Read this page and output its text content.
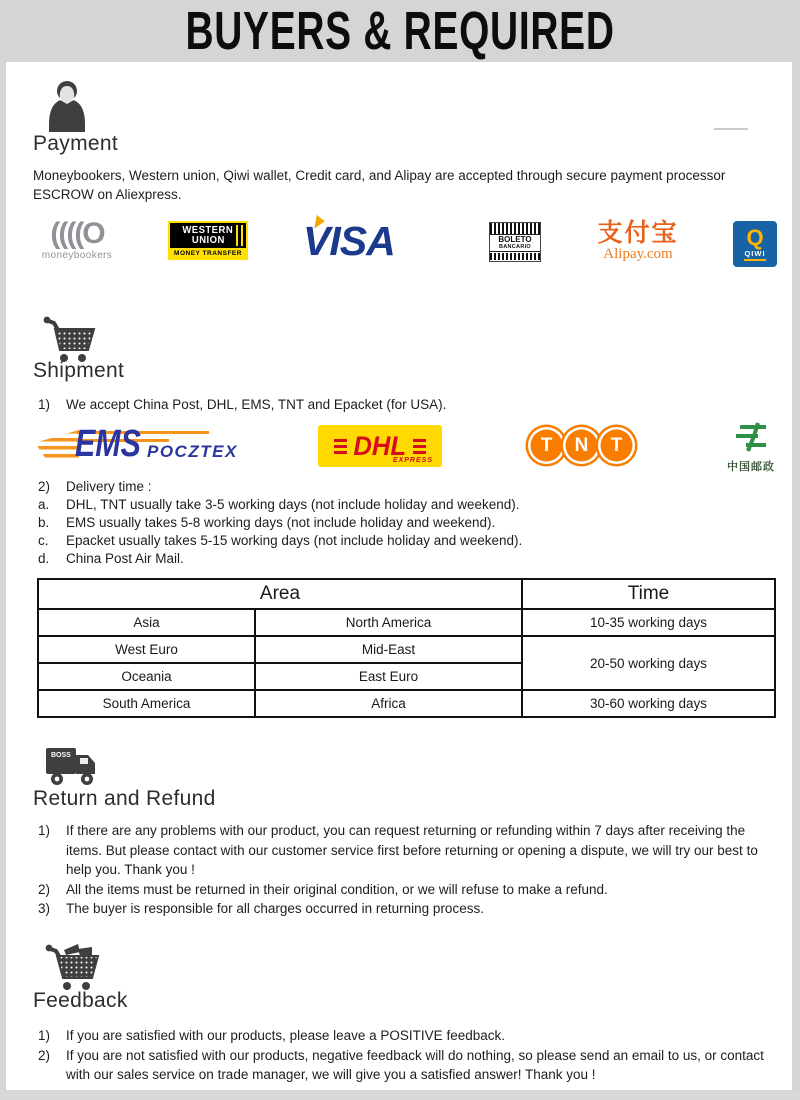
BUYERS & REQUIRED
Payment
Moneybookers, Western union, Qiwi wallet, Credit card, and Alipay are accepted through secure payment processor ESCROW on Aliexpress.
((((O
moneybookers
WESTERN
UNION
MONEY TRANSFER VISA	BOLETO
BANCARIO	支付宝
Alipay.com
Q
QIWI
Shipment
1)	We accept China Post, DHL, EMS, TNT and Epacket (for USA).
EMS POCZTEX	DHL
EXPRESS
T	N	T
中国邮政
2)	Delivery time :
a.	DHL, TNT usually take 3-5 working days (not include holiday and weekend).
b.	EMS usually takes 5-8 working days (not include holiday and weekend).
c.	Epacket usually takes 5-15 working days (not include holiday and weekend).
d.	China Post Air Mail.
Area		Time
Asia	North America	10-35 working days
West Euro	Mid-East	20-50 working days
Oceania	East Euro	
South America	Africa	30-60 working days
BOSS
Return and Refund
1)	If there are any problems with our product, you can request returning or refunding within 7 days after receiving the items. But please contact with our customer service first before returning or opening a dispute, we will try our best to help you. Thank you !
2)	All the items must be returned in their original condition, or we will refuse to make a refund.
3)	The buyer is responsible for all charges occurred in returning process.
Feedback
1)	If you are satisfied with our products, please leave a POSITIVE feedback.
2)	If you are not satisfied with our products, negative feedback will do nothing, so please send an email to us, or contact with our sales service on trade manager, we will give you a satisfied answer! Thank you !
